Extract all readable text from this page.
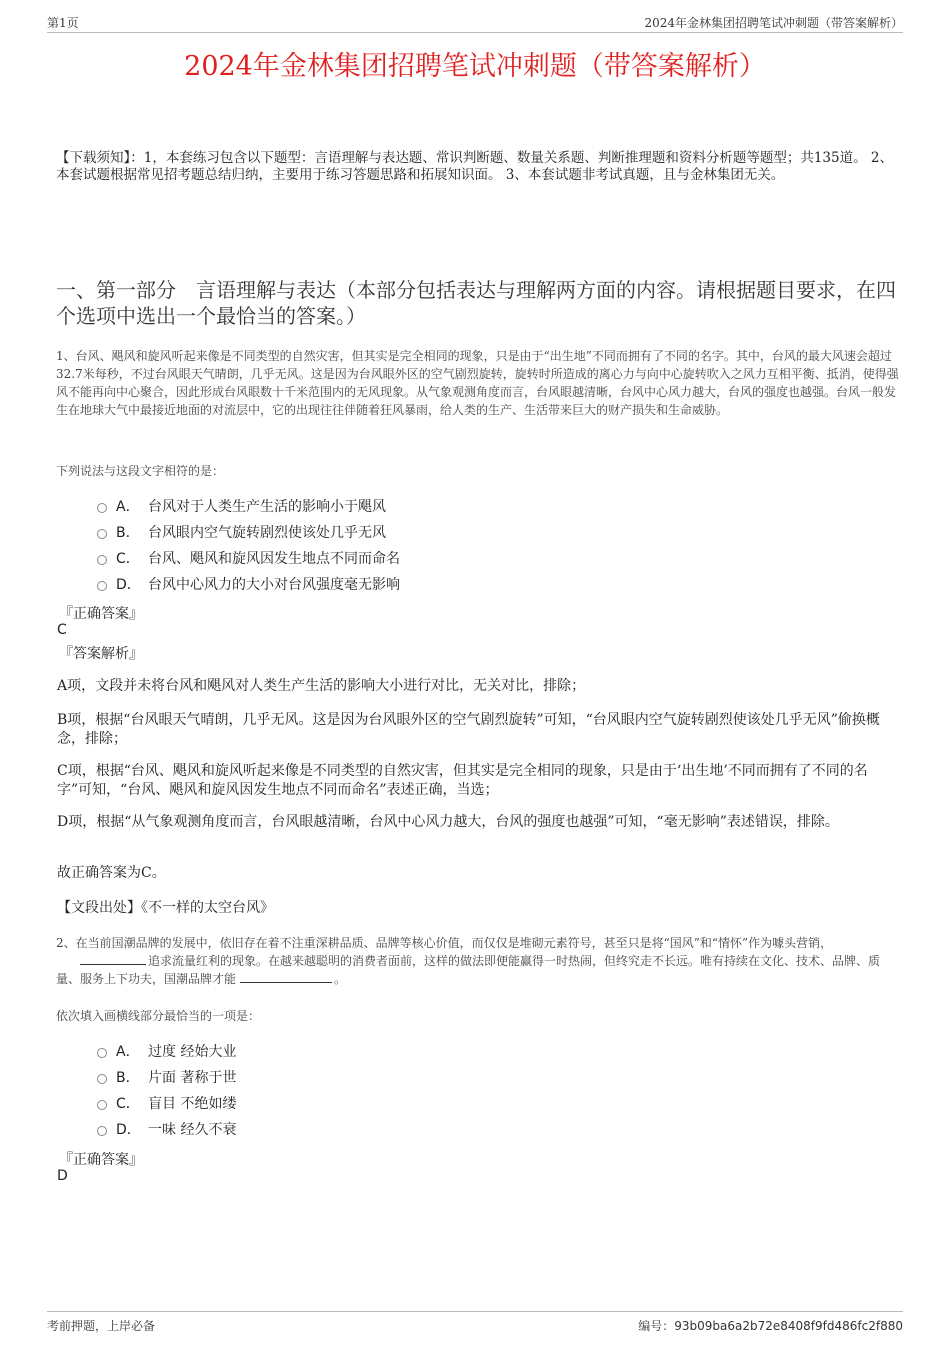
第1页	2024年金林集团招聘笔试冲刺题（带答案解析）
2024年金林集团招聘笔试冲刺题（带答案解析）
【下载须知】：1，本套练习包含以下题型：言语理解与表达题、常识判断题、数量关系题、判断推理题和资料分析题等题型；共135道。 2、本套试题根据常见招考题总结归纳，主要用于练习答题思路和拓展知识面。 3、本套试题非考试真题，且与金林集团无关。
一、第一部分　言语理解与表达（本部分包括表达与理解两方面的内容。请根据题目要求，在四个选项中选出一个最恰当的答案。）
1、台风、飓风和旋风听起来像是不同类型的自然灾害，但其实是完全相同的现象，只是由于“出生地”不同而拥有了不同的名字。其中，台风的最大风速会超过32.7米每秒，不过台风眼天气晴朗，几乎无风。这是因为台风眼外区的空气剧烈旋转，旋转时所造成的离心力与向中心旋转吹入之风力互相平衡、抵消，使得强风不能再向中心聚合，因此形成台风眼数十千米范围内的无风现象。从气象观测角度而言，台风眼越清晰，台风中心风力越大，台风的强度也越强。台风一般发生在地球大气中最接近地面的对流层中，它的出现往往伴随着狂风暴雨，给人类的生产、生活带来巨大的财产损失和生命威胁。
下列说法与这段文字相符的是：
A． 台风对于人类生产生活的影响小于飓风
B． 台风眼内空气旋转剧烈使该处几乎无风
C． 台风、飓风和旋风因发生地点不同而命名
D． 台风中心风力的大小对台风强度毫无影响
『正确答案』
C
『答案解析』
A项，文段并未将台风和飓风对人类生产生活的影响大小进行对比，无关对比，排除；
B项，根据“台风眼天气晴朗，几乎无风。这是因为台风眼外区的空气剧烈旋转”可知，“台风眼内空气旋转剧烈使该处几乎无风”偷换概念，排除；
C项，根据“台风、飓风和旋风听起来像是不同类型的自然灾害，但其实是完全相同的现象，只是由于‘出生地’不同而拥有了不同的名字”可知，“台风、飓风和旋风因发生地点不同而命名”表述正确，当选；
D项，根据“从气象观测角度而言，台风眼越清晰，台风中心风力越大，台风的强度也越强”可知，“毫无影响”表述错误，排除。
故正确答案为C。
【文段出处】《不一样的太空台风》
2、在当前国潮品牌的发展中，依旧存在着不注重深耕品质、品牌等核心价值，而仅仅是堆砌元素符号，甚至只是将“国风”和“情怀”作为噱头营销，追求流量红利的现象。在越来越聪明的消费者面前，这样的做法即便能赢得一时热闹，但终究走不长远。唯有持续在文化、技术、品牌、质量、服务上下功夫，国潮品牌才能	。
依次填入画横线部分最恰当的一项是：
A． 过度 经始大业
B． 片面 著称于世
C． 盲目 不绝如缕
D． 一味 经久不衰
『正确答案』
D
考前押题，上岸必备	编号：93b09ba6a2b72e8408f9fd486fc2f880
